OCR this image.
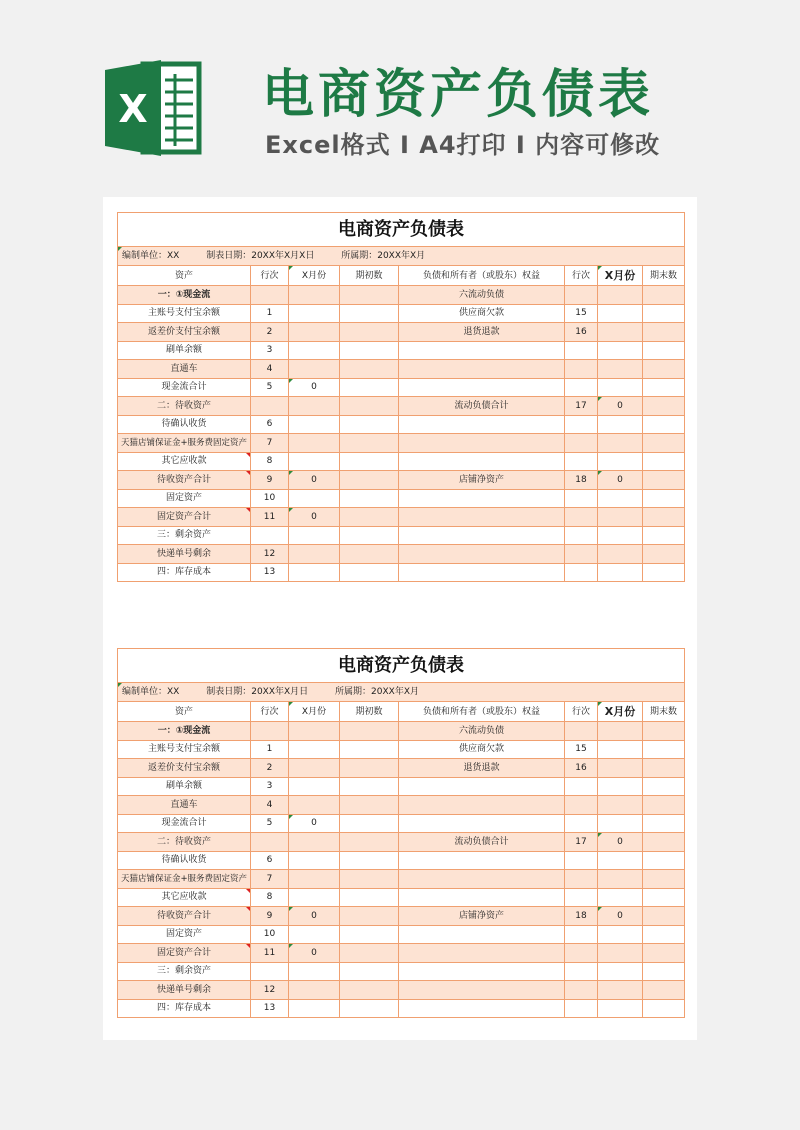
X 电商资产负债表
Excel格式 Ι A4打印 Ι 内容可修改
电商资产负债表							
编制单位：XX 制表日期：20XX年X月X日 所属期：20XX年X月							
资产	行次	X月份	期初数	负债和所有者（或股东）权益	行次	X月份	期末数
一：①现金流				六流动负债			
主账号支付宝余额	1			供应商欠款	15		
返差价支付宝余额	2			退货退款	16		
刷单余额	3						
直通车	4						
现金流合计	5	0					
二：待收资产				流动负债合计	17	0	
待确认收货	6						
天猫店铺保证金+服务费固定资产	7						
其它应收款	8						
待收资产合计	9	0		店铺净资产	18	0	
固定资产	10						
固定资产合计	11	0					
三：剩余资产							
快递单号剩余	12						
四：库存成本	13						
电商资产负债表							
编制单位：XX 制表日期：20XX年X月日 所属期：20XX年X月							
资产	行次	X月份	期初数	负债和所有者（或股东）权益	行次	X月份	期末数
一：①现金流				六流动负债			
主账号支付宝余额	1			供应商欠款	15		
返差价支付宝余额	2			退货退款	16		
刷单余额	3						
直通车	4						
现金流合计	5	0					
二：待收资产				流动负债合计	17	0	
待确认收货	6						
天猫店铺保证金+服务费固定资产	7						
其它应收款	8						
待收资产合计	9	0		店铺净资产	18	0	
固定资产	10						
固定资产合计	11	0					
三：剩余资产							
快递单号剩余	12						
四：库存成本	13						
